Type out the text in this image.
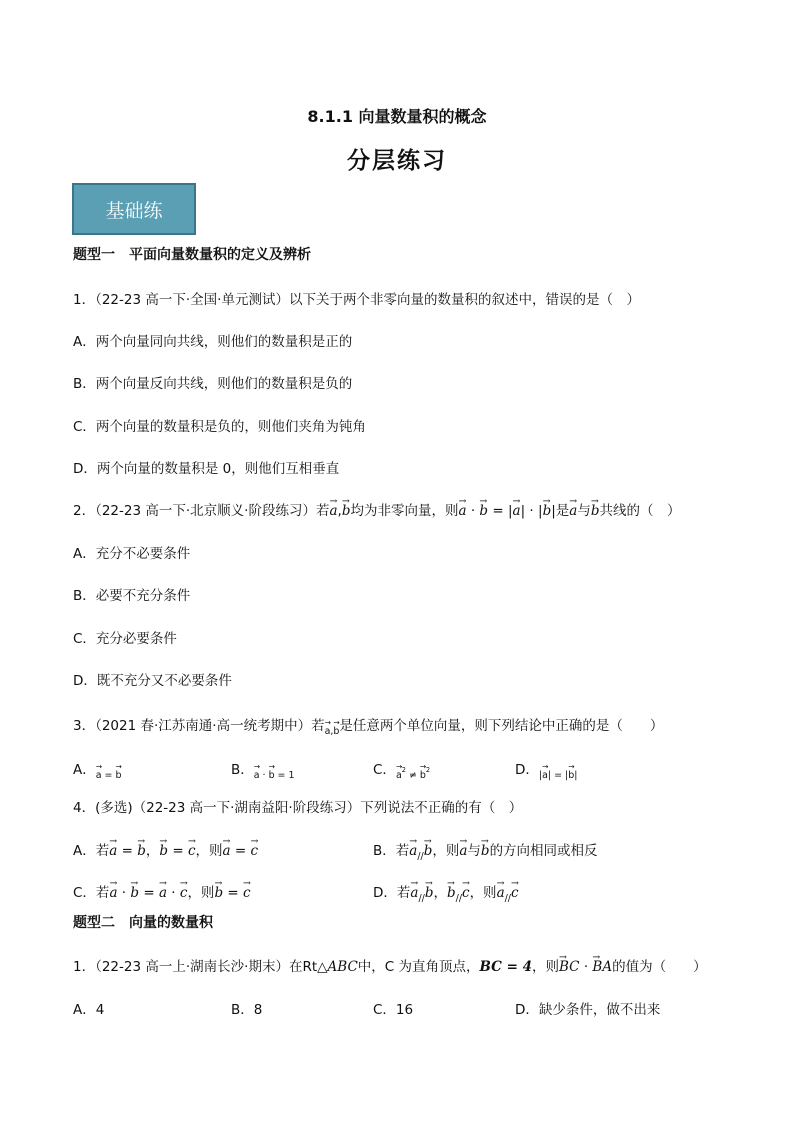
8.1.1 向量数量积的概念
分层练习
基础练
题型一　平面向量数量积的定义及辨析
1．（22-23 高一下·全国·单元测试）以下关于两个非零向量的数量积的叙述中，错误的是（　）
A．两个向量同向共线，则他们的数量积是正的
B．两个向量反向共线，则他们的数量积是负的
C．两个向量的数量积是负的，则他们夹角为钝角
D．两个向量的数量积是 0，则他们互相垂直
2．（22-23 高一下·北京顺义·阶段练习）若→ a,→ b均为非零向量，则→ a · → b = |→ a| · |→ b|是→ a与→ b共线的（　）
A．充分不必要条件
B．必要不充分条件
C．充分必要条件
D．既不充分又不必要条件
3．（2021 春·江苏南通·高一统考期中）若→ $_{a,\to b}$是任意两个单位向量，则下列结论中正确的是（　　）
A．→ $_{a = \to b}$	B．→ $_{a \cdot \to b = 1}$	C．→ $_{a^2 \ne \to b^2}$	D．$_{|\to a| = |\to b|}$
4．(多选)（22-23 高一下·湖南益阳·阶段练习）下列说法不正确的有（　）
A．若→ a = → b，→ b = → c，则→ a = → c	B．若→ $a_{//}\to b$，则→ a与→ b的方向相同或相反
C．若→ a · → b = → a · → c，则→ b = → c	D．若→ $a_{//}\to b$，→ $b_{//}\to c$，则→ $a_{//}\to c$
题型二　向量的数量积
1．（22-23 高一上·湖南长沙·期末）在Rt△ABC中，C 为直角顶点，BC = 4，则→ BC · → BA的值为（　　）
A．4	B．8	C．16	D．缺少条件，做不出来
